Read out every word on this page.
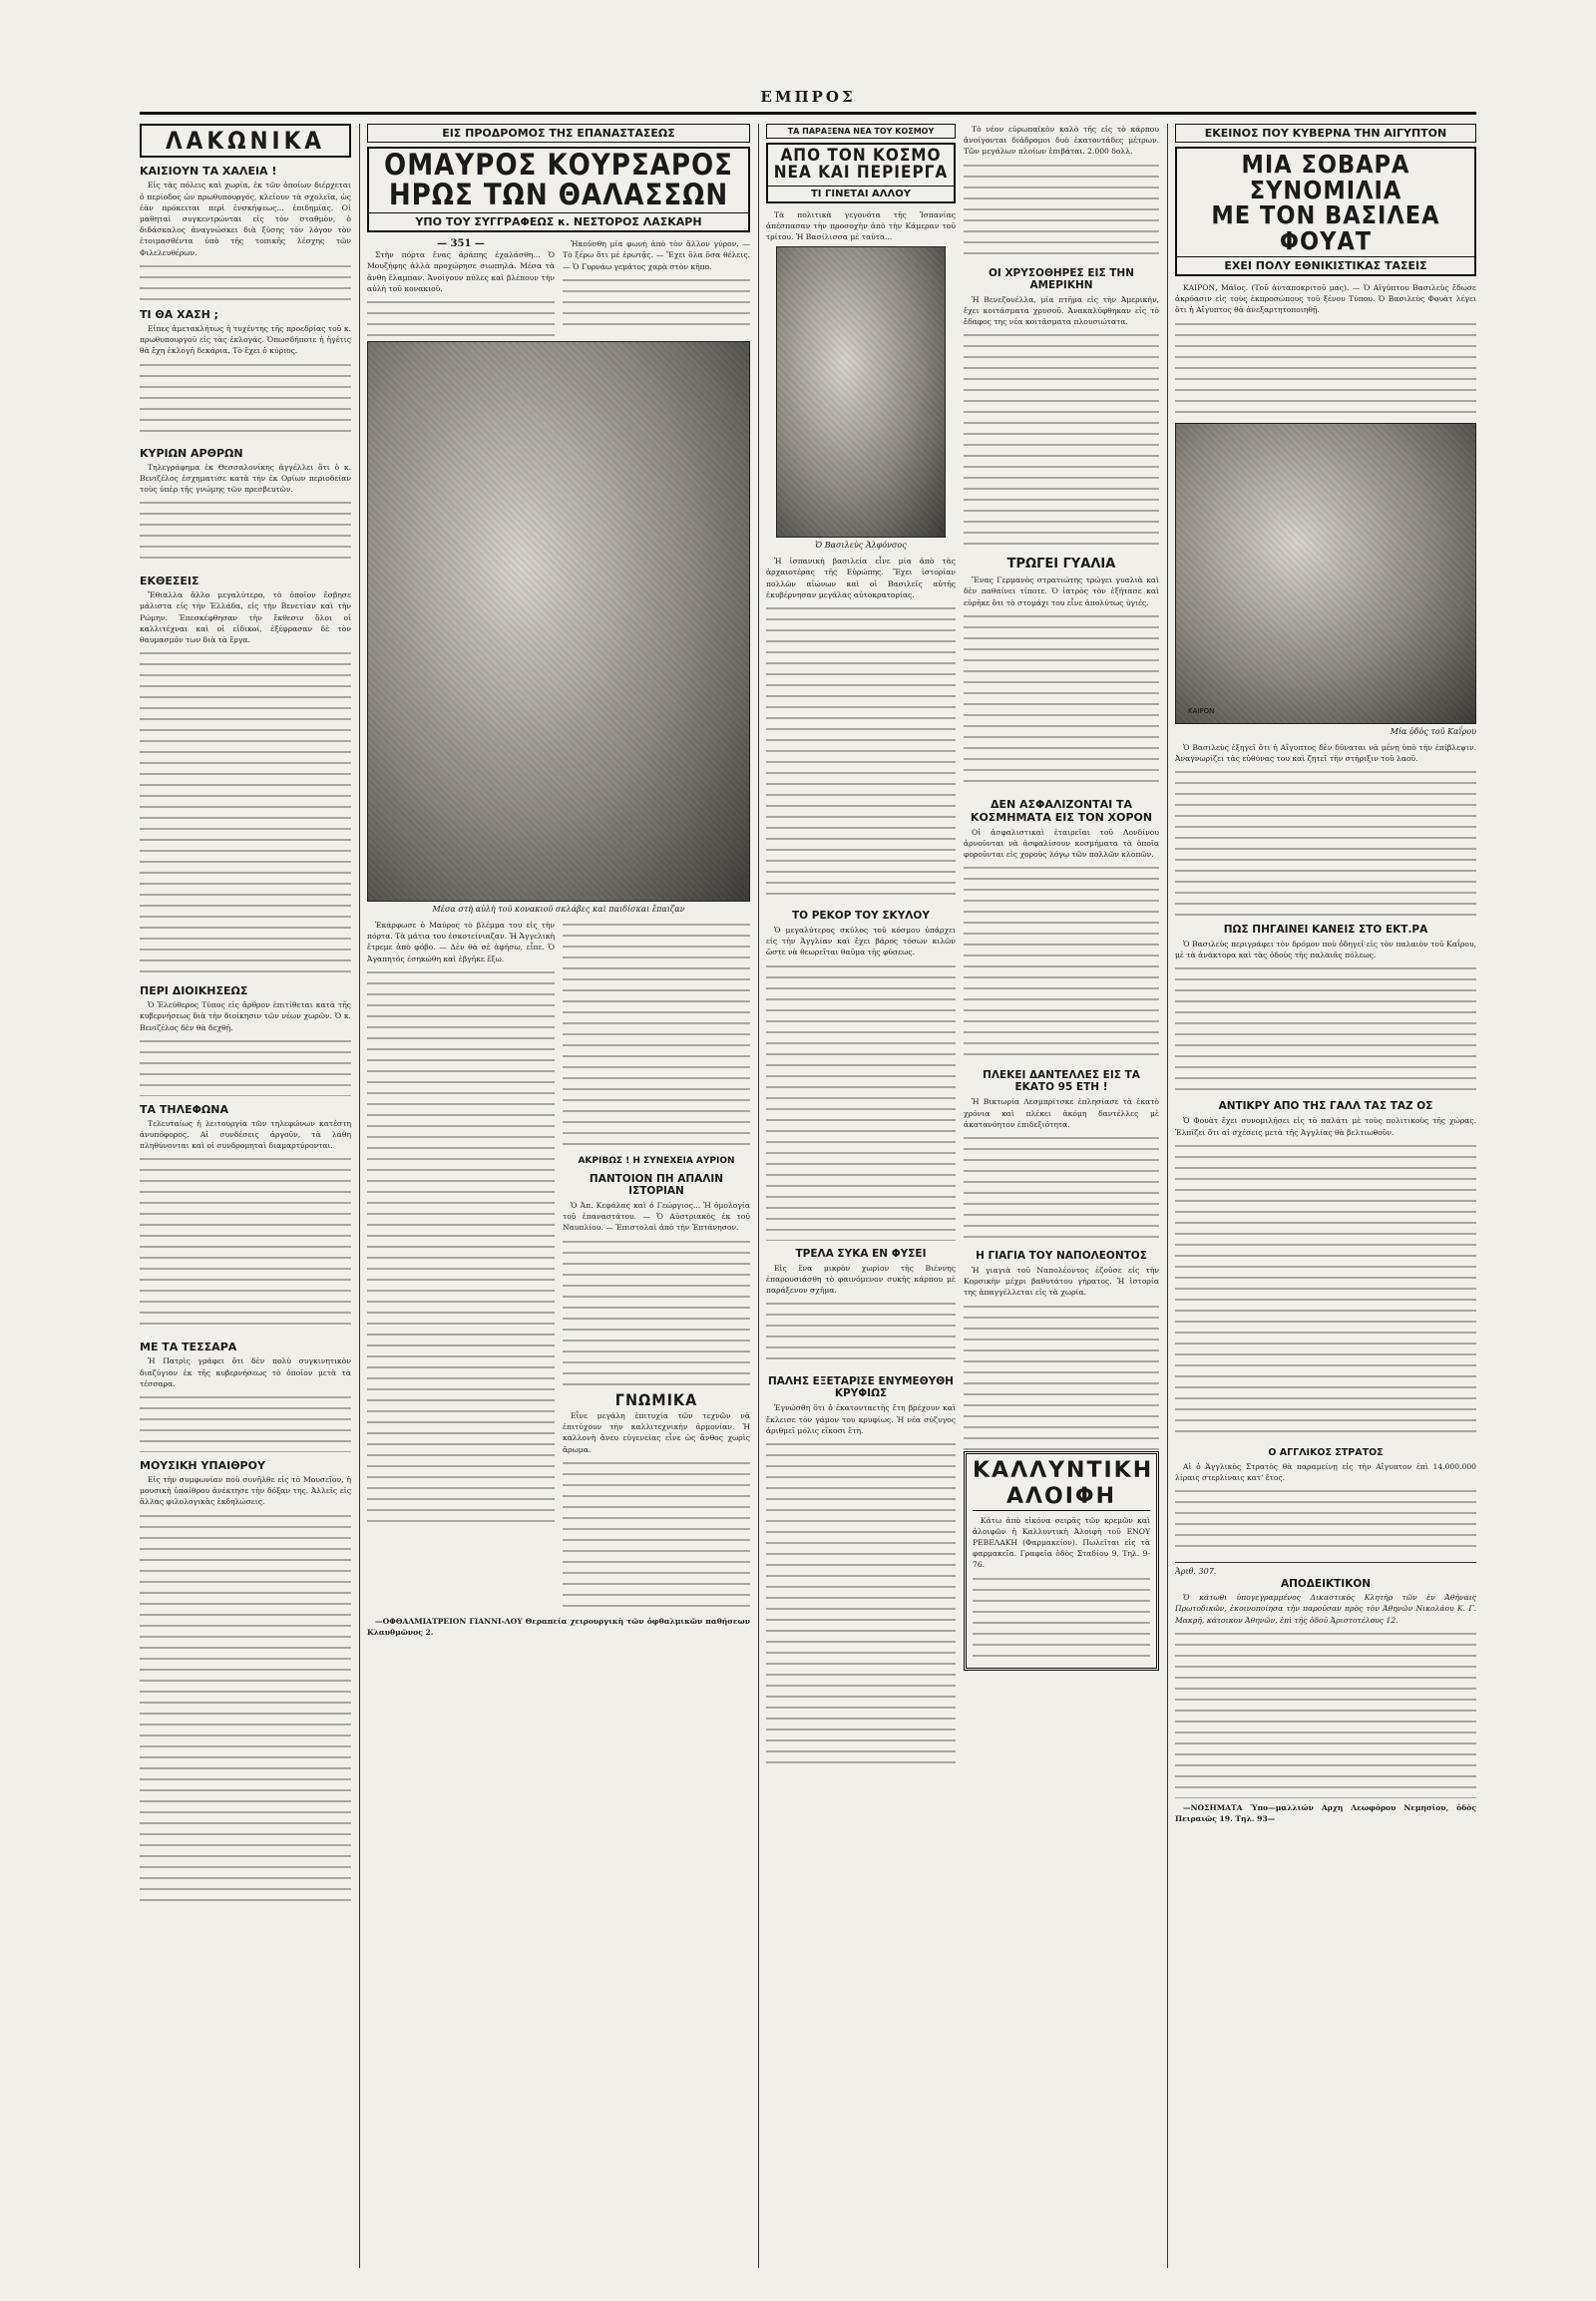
ΕΜΠΡΟΣ
ΛΑΚΩΝΙΚΑ
ΚΑΙΣΙΟΥΝ ΤΑ ΧΑΛΕΙΑ !

Εἰς τὰς πόλεις καὶ χωρία, ἐκ τῶν ὁποίων διέρχεται ὁ περίοδος ὡν πρωθυπουργός, κλείουν τὰ σχολεῖα, ὡς ἐὰν πρόκειται περὶ ἐνσκήψεως... ἐπιδημίας. Οἱ μαθηταὶ συγκεντρώνται εἰς τὸν σταθμὸν, ὁ διδάσκαλος ἀναγνώσκει διὰ ξύσης τὸν λόγον τὸν ἑτοιμασθέντα ὑπὸ τῆς τοπικῆς λέσχης τῶν Φιλελευθέρων.

ΤΙ ΘΑ ΧΑΣΗ ;

Εἰπες ἀμετακλήτως ἡ τυχέντης τῆς προεδρίας τοῦ κ. πρωθυπουργοῦ εἰς τὰς ἐκλογάς. Ὁπωσδήποτε ἡ ἡγέτις θὰ ἔχη ἐκλογῆ δεκάρια. Τὸ ἔχει ὁ κύριος.

ΚΥΡΙΩΝ ΑΡΘΡΩΝ

Τηλεγράφημα ἐκ Θεσσαλονίκης ἀγγέλλει ὅτι ὁ κ. Βενιζέλος ἐσχηματισε κατὰ τὴν ἐκ Ορίων περιοδείαν τοὺς ὑπὲρ τῆς γνώμης τῶν πρεσβευτῶν.

ΕΚΘΕΣΕΙΣ

Ἔθιαλλα ἄλλο μεγαλύτερο, τὸ ὁποῖον ἔσβησε μάλιστα εἰς τὴν Ἑλλάδα, εἰς τὴν Βενετίαν καὶ τὴν Ρώμην. Ἐπεσκέφθησαν τὴν ἔκθεσιν ὅλοι οἱ καλλιτέχναι καὶ οἱ εἰδικοί, ἐξέφρασαν δὲ τὸν θαυμασμόν των διὰ τὰ ἔργα.

ΠΕΡΙ ΔΙΟΙΚΗΣΕΩΣ

Ὁ Ἐλεύθερος Τύπος εἰς ἄρθρον ἐπιτίθεται κατὰ τῆς κυβερνήσεως διὰ τὴν διοίκησιν τῶν νέων χωρῶν. Ὁ κ. Βενιζέλος δὲν θὰ δεχθῇ.

ΤΑ ΤΗΛΕΦΩΝΑ

Τελευταίως ἡ λειτουργία τῶν τηλεφώνων κατέστη ἀνυπόφορος. Αἱ συνδέσεις ἀργοῦν, τὰ λάθη πληθύνονται καὶ οἱ συνδρομηταὶ διαμαρτύρονται.

ΜΕ ΤΑ ΤΕΣΣΑΡΑ

Ἡ Πατρὶς γράφει ὅτι δὲν πολὺ συγκινητικὸν διαζύγιον ἐκ τῆς κυβερνήσεως τὸ ὁποῖον μετὰ τὰ τέσσαρα.

ΜΟΥΣΙΚΗ ΥΠΑΙΘΡΟΥ

Εἰς τὴν συμφωνίαν ποὺ συνῆλθε εἰς τὸ Μουσεῖον, ἡ μουσικὴ ὑπαίθρου ἀνέκτησε τὴν δόξαν της. Ἀλλεῖς εἰς ἄλλας φιλολογικὰς ἐκδηλώσεις.

ΕΙΣ ΠΡΟΔΡΟΜΟΣ ΤΗΣ ΕΠΑΝΑΣΤΑΣΕΩΣ
ΟΜΑΥΡΟΣ ΚΟΥΡΣΑΡΟΣ
ΗΡΩΣ ΤΩΝ ΘΑΛΑΣΣΩΝ
ΥΠΟ ΤΟΥ ΣΥΓΓΡΑΦΕΩΣ κ. ΝΕΣΤΟΡΟΣ ΛΑΣΚΑΡΗ
— 351 —

Στὴν πόρτα ἕνας ἀράπης ἐχαλάσθη... Ὁ Μουζήφης ἀλλὰ προχώρησε σιωπηλά. Μέσα τὰ ἄνθη ἔλαμπαν. Ἀνοίγουν πύλες καὶ βλέπουν τὴν αὐλὴ τοῦ κονακιοῦ.

Ἠκούσθη μία φωνὴ ἀπὸ τὸν ἄλλον γύρον. — Τὸ ξέρω ὅτι μὲ ἐρωτᾷς. — Ἔχει ὅλα ὅσα θέλεις. — Ὁ Γυρνάω γεμάτος χαρὰ στὸν κῆπο.

Μέσα στὴ αὐλὴ τοῦ κονακιοῦ σκλάβες καὶ παιδίσκαι ἔπαιζαν

Ἐκάρφωσε ὁ Μαύρος τὸ βλέμμα του εἰς τὴν πόρτα. Τὰ μάτια του ἐσκοτείνιαζαν. Ἡ Ἀγγελικὴ ἔτρεμε ἀπὸ φόβο. — Δὲν θὰ σὲ ἀφήσω, εἶπε. Ὁ Ἀγαπητός ἐσηκώθη καὶ ἐβγῆκε ἔξω.

ΑΚΡΙΒΩΣ ! Η ΣΥΝΕΧΕΙΑ ΑΥΡΙΟΝ
ΠΑΝΤΟΙΟΝ ΠΗ ΑΠΑΛΙΝ ΙΣΤΟΡΙΑΝ

Ὁ Ἀπ. Κεφάλας καὶ ὁ Γεώργιος... Ἡ ὁμολογία τοῦ ἐπαναστάτου. — Ὁ Αὐστριακὸς ἐκ τοῦ Ναυπλίου. — Ἐπιστολαὶ ἀπὸ τὴν Ἑπτάνησον.

ΓΝΩΜΙΚΑ

Εἶνε μεγάλη ἐπιτυχία τῶν τεχνῶν νὰ ἐπιτύχουν τὴν καλλιτεχνικὴν ἁρμονίαν. Ἡ καλλονὴ ἄνευ εὐγενείας εἶνε ὡς ἄνθος χωρὶς ἄρωμα.

—ΟΦΘΑΛΜΙΑΤΡΕΙΟΝ ΓΙΑΝΝΙ-ΛΟΥ Θεραπεία χειρουργικὴ τῶν ὀφθαλμικῶν παθήσεων Κλαυθμῶνος 2.

ΤΑ ΠΑΡΑΞΕΝΑ ΝΕΑ ΤΟΥ ΚΟΣΜΟΥ
ΑΠΟ ΤΟΝ ΚΟΣΜΟ
ΝΕΑ ΚΑΙ ΠΕΡΙΕΡΓΑ
ΤΙ ΓΙΝΕΤΑΙ ΑΛΛΟΥ

Τὰ πολιτικὰ γεγονότα τῆς Ἱσπανίας ἀπέσπασαν τὴν προσοχὴν ἀπὸ τὴν Κάμεραν τοῦ τρίτου. Ἡ Βασίλισσα μὲ ταῦτα...

Ὁ Βασιλεὺς Ἀλφόνσος

Ἡ ἰσπανικὴ βασιλεία εἶνε μία ἀπὸ τὰς ἀρχαιοτέρας τῆς Εὐρώπης. Ἔχει ἱστορίαν πολλῶν αἰώνων καὶ οἱ Βασιλεῖς αὐτῆς ἐκυβέρνησαν μεγάλας αὐτοκρατορίας.

ΤΟ ΡΕΚΟΡ ΤΟΥ ΣΚΥΛΟΥ

Ὁ μεγαλύτερος σκύλος τοῦ κόσμου ὑπάρχει εἰς τὴν Ἀγγλίαν καὶ ἔχει βάρος τόσων κιλῶν ὥστε νὰ θεωρεῖται θαῦμα τῆς φύσεως.

ΤΡΕΛΑ ΣΥΚΑ ΕΝ ΦΥΣΕΙ

Εἰς ἕνα μικρὸν χωρίον τῆς Βιέννης ἐπαρουσιάσθη τὸ φαινόμενον συκῆς κάρπου μὲ παράξενον σχῆμα.

ΠΑΛΗΣ ΕΞΕΤΑΡΙΣΕ ΕΝΥΜΕΘΥΘΗ ΚΡΥΦΙΩΣ

Ἐγνώσθη ὅτι ὁ ἑκατονταετὴς ἔτη βρέχουν καὶ ἔκλεισε τὸν γάμον του κρυφίως. Ἡ νέα σύζυγος ἀριθμεῖ μόλις εἴκοσι ἔτη.

Τὸ νέον εὐρωπαϊκὸν καλὸ τῆς εἰς τὸ κάρπου ἀνοίγονται διάδρομοι δυὸ ἑκατοντάδες μέτρων. Τῶν μεγάλων πλοίων ἐπιβάται. 2.000 δολλ.

ΟΙ ΧΡΥΣΟΘΗΡΕΣ ΕΙΣ ΤΗΝ ΑΜΕΡΙΚΗΝ

Ἡ Βενεζουέλλα, μία πτῆμα εἰς τὴν Ἀμερικήν, ἔχει κοιτάσματα χρυσοῦ. Ἀνακαλύφθηκαν εἰς τὸ ἔδαφος της νέα κοιτάσματα πλουσιώτατα.

ΤΡΩΓΕΙ ΓΥΑΛΙΑ

Ἕνας Γερμανὸς στρατιώτης τρώγει γυαλιὰ καὶ δὲν παθαίνει τίποτε. Ὁ ἰατρὸς τὸν ἐξήτασε καὶ εὑρῆκε ὅτι τὸ στομάχι του εἶνε ἀπολύτως ὑγιές.

ΔΕΝ ΑΣΦΑΛΙΖΟΝΤΑΙ ΤΑ ΚΟΣΜΗΜΑΤΑ ΕΙΣ ΤΟΝ ΧΟΡΟΝ

Οἱ ἀσφαλιστικαὶ ἑταιρεῖαι τοῦ Λονδίνου ἀρνοῦνται νὰ ἀσφαλίσουν κοσμήματα τὰ ὁποῖα φοροῦνται εἰς χοροὺς λόγῳ τῶν πολλῶν κλοπῶν.

ΠΛΕΚΕΙ ΔΑΝΤΕΛΛΕΣ ΕΙΣ ΤΑ ΕΚΑΤΟ 95 ΕΤΗ !

Ἡ Βικτωρία Λεσμπρίτσκε ἐπλησίασε τὰ ἑκατὸ χρόνια καὶ πλέκει ἀκόμη δαντέλλες μὲ ἀκατανόητον ἐπιδεξιότητα.

Η ΓΙΑΓΙΑ ΤΟΥ ΝΑΠΟΛΕΟΝΤΟΣ

Ἡ γιαγιὰ τοῦ Ναπολέοντος ἐζοῦσε εἰς τὴν Κορσικὴν μέχρι βαθυτάτου γήρατος. Ἡ ἱστορία της ἀπαγγέλλεται εἰς τὰ χωρία.

ΚΑΛΛΥΝΤΙΚΗ ΑΛΟΙΦΗ

Κάτω ἀπὸ εἰκόνα σειρᾶς τῶν κρεμῶν καὶ ἀλοιφῶν ἡ Καλλυντικὴ Ἀλοιφὴ τοῦ ΕΝΟΥ ΡΕΒΕΛΑΚΗ (Φαρμακείον). Πωλεῖται εἰς τὰ φαρμακεῖα. Γραφεῖα ὁδὸς Σταδίου 9, Τηλ. 9-76.

ΕΚΕΙΝΟΣ ΠΟΥ ΚΥΒΕΡΝΑ ΤΗΝ ΑΙΓΥΠΤΟΝ
ΜΙΑ ΣΟΒΑΡΑ ΣΥΝΟΜΙΛΙΑ
ΜΕ ΤΟΝ ΒΑΣΙΛΕΑ ΦΟΥΑΤ
ΕΧΕΙ ΠΟΛΥ ΕΘΝΙΚΙΣΤΙΚΑΣ ΤΑΣΕΙΣ

ΚΑΙΡΟΝ, Μάϊος. (Τοῦ ἀνταποκριτοῦ μας). — Ὁ Αἰγύπτου Βασιλεὺς ἔδωσε ἀκρόασιν εἰς τοὺς ἐκπροσώπους τοῦ ξένου Τύπου. Ὁ Βασιλεὺς Φουὰτ λέγει ὅτι ἡ Αἴγυπτος θὰ ἀνεξαρτητοποιηθῇ.

ΚΑΙΡΟΝ
Μία ὁδὸς τοῦ Καΐρου

Ὁ Βασιλεὺς ἐξηγεῖ ὅτι ἡ Αἴγυπτος δὲν δύναται νὰ μένῃ ὑπὸ τὴν ἐπίβλεψιν. Ἀναγνωρίζει τὰς εὐθύνας του καὶ ζητεῖ τὴν στήριξιν τοῦ λαοῦ.

ΠΩΣ ΠΗΓΑΙΝΕΙ ΚΑΝΕΙΣ ΣΤΟ ΕΚΤ.ΡΑ

Ὁ Βασιλεὺς περιγράφει τὸν δρόμον ποὺ ὁδηγεῖ εἰς τὸν παλαιὸν τοῦ Καΐρου, μὲ τὰ ἀνάκτορα καὶ τὰς ὁδοὺς τῆς παλαιᾶς πόλεως.

ΑΝΤΙΚΡΥ ΑΠΟ ΤΗΣ ΓΑΛΛ ΤΑΣ ΤΑΖ ΟΣ

Ὁ Φουὰτ ἔχει συνομιλήσει εἰς τὸ παλάτι μὲ τοὺς πολιτικοὺς τῆς χώρας. Ἐλπίζει ὅτι αἱ σχέσεις μετὰ τῆς Ἀγγλίας θὰ βελτιωθοῦν.

Ο ΑΓΓΛΙΚΟΣ ΣΤΡΑΤΟΣ

Αἱ ὁ Ἀγγλικὸς Στρατὸς θὰ παραμείνῃ εἰς τὴν Αἴγυπτον ἐπὶ 14.000.000 λίραις στερλίναις κατ' ἔτος.

Ἀριθ. 307.
ΑΠΟΔΕΙΚΤΙΚΟΝ

Ὁ κάτωθι ὑπογεγραμμένος Δικαστικὸς Κλητὴρ τῶν ἐν Ἀθήναις Πρωτοδικῶν, ἐκοινοποίησα τὴν παροῦσαν πρὸς τὸν Ἀθηνῶν Νικολάου Κ. Γ. Μακρῆ, κάτοικον Ἀθηνῶν, ἐπὶ τῆς ὁδοῦ Ἀριστοτέλους 12.

—ΝΟΣΗΜΑΤΑ Ὑπο—μαλλιών Αρχη Λεωφόρου Νεμησίου, ὁδὸς Πειραιῶς 19. Τηλ. 93—
